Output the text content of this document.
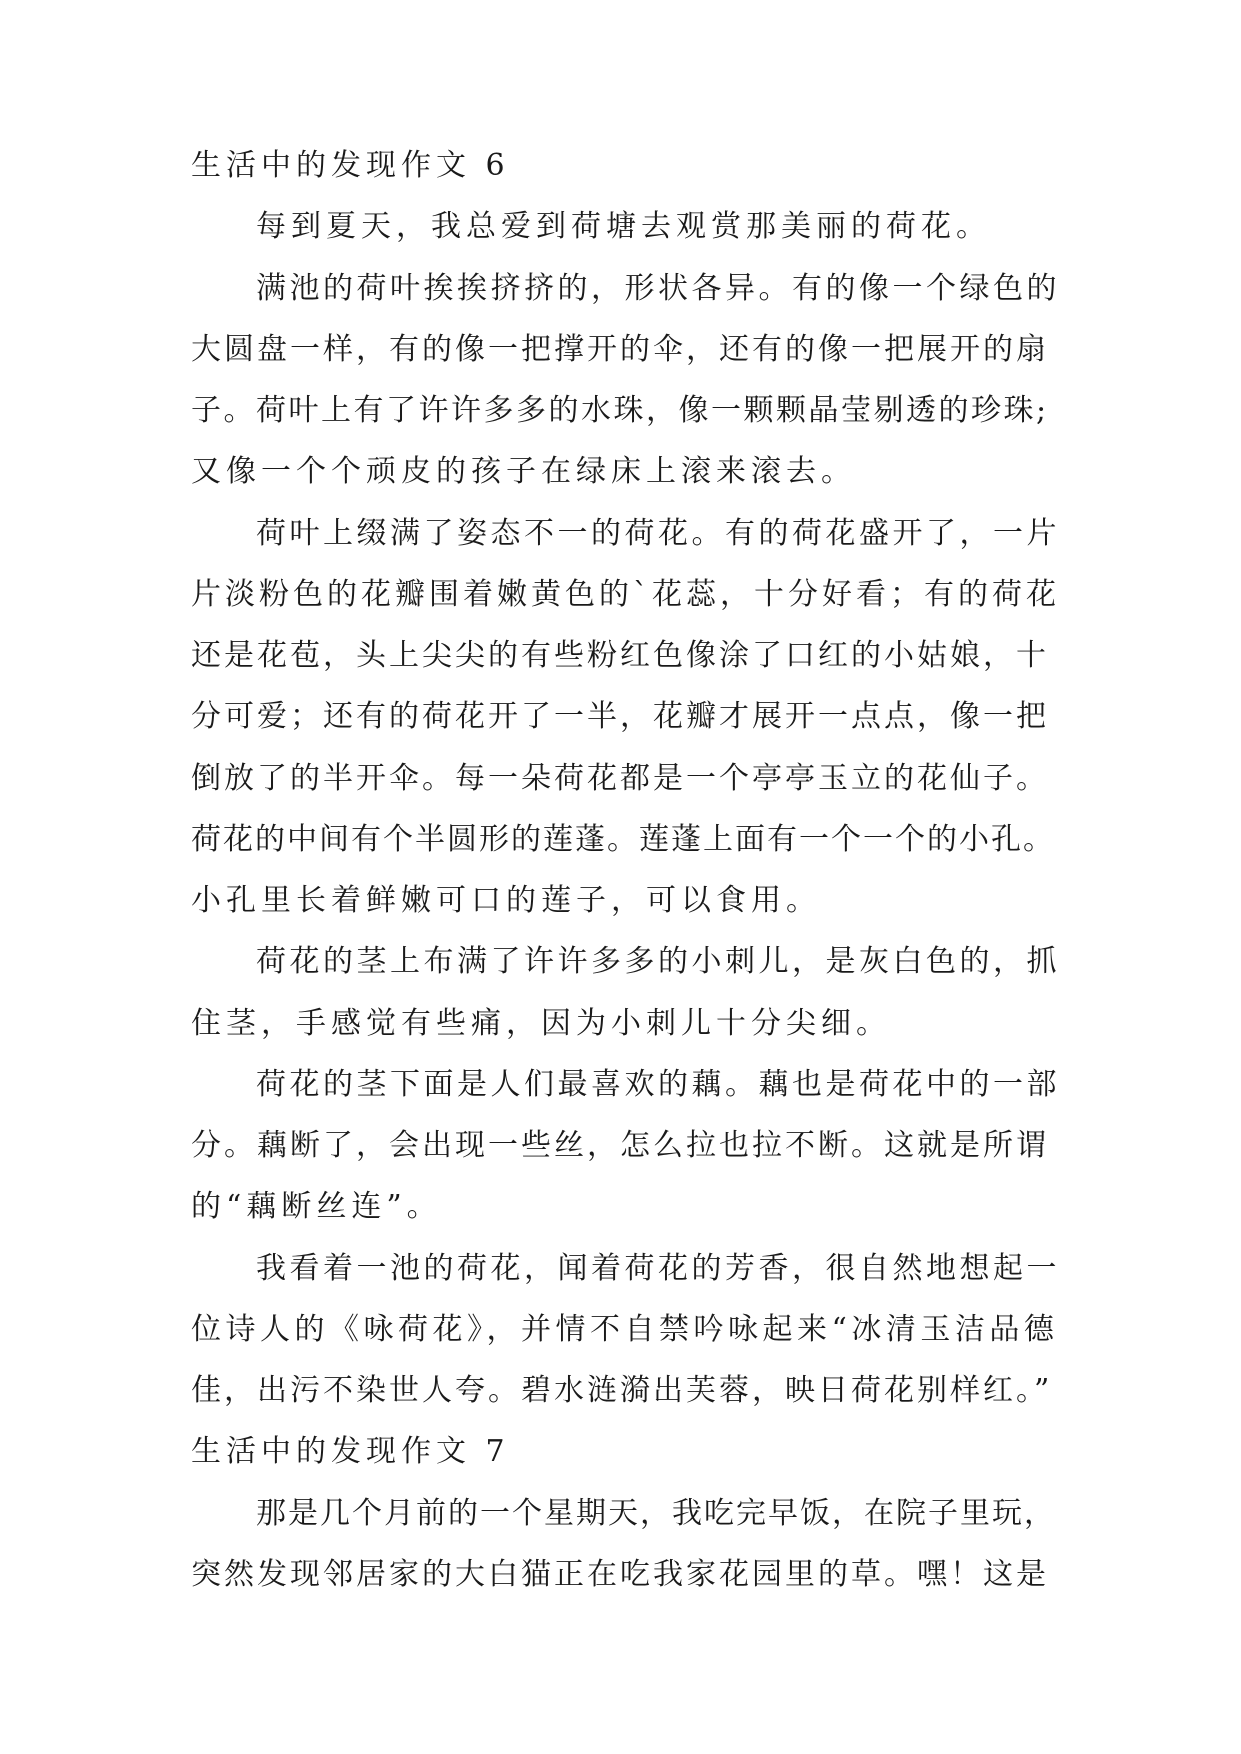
生活中的发现作文 6
每到夏天，我总爱到荷塘去观赏那美丽的荷花。
满池的荷叶挨挨挤挤的，形状各异。有的像一个绿色的
大圆盘一样，有的像一把撑开的伞，还有的像一把展开的扇
子。荷叶上有了许许多多的水珠，像一颗颗晶莹剔透的珍珠;
又像一个个顽皮的孩子在绿床上滚来滚去。
荷叶上缀满了姿态不一的荷花。有的荷花盛开了，一片
片淡粉色的花瓣围着嫩黄色的`花蕊，十分好看；有的荷花
还是花苞，头上尖尖的有些粉红色像涂了口红的小姑娘，十
分可爱；还有的荷花开了一半，花瓣才展开一点点，像一把
倒放了的半开伞。每一朵荷花都是一个亭亭玉立的花仙子。
荷花的中间有个半圆形的莲蓬。莲蓬上面有一个一个的小孔。
小孔里长着鲜嫩可口的莲子，可以食用。
荷花的茎上布满了许许多多的小刺儿，是灰白色的，抓
住茎，手感觉有些痛，因为小刺儿十分尖细。
荷花的茎下面是人们最喜欢的藕。藕也是荷花中的一部
分。藕断了，会出现一些丝，怎么拉也拉不断。这就是所谓
的“藕断丝连”。
我看着一池的荷花，闻着荷花的芳香，很自然地想起一
位诗人的《咏荷花》，并情不自禁吟咏起来“冰清玉洁品德
佳，出污不染世人夸。碧水涟漪出芙蓉，映日荷花别样红。”
生活中的发现作文 7
那是几个月前的一个星期天，我吃完早饭，在院子里玩，
突然发现邻居家的大白猫正在吃我家花园里的草。嘿！这是
